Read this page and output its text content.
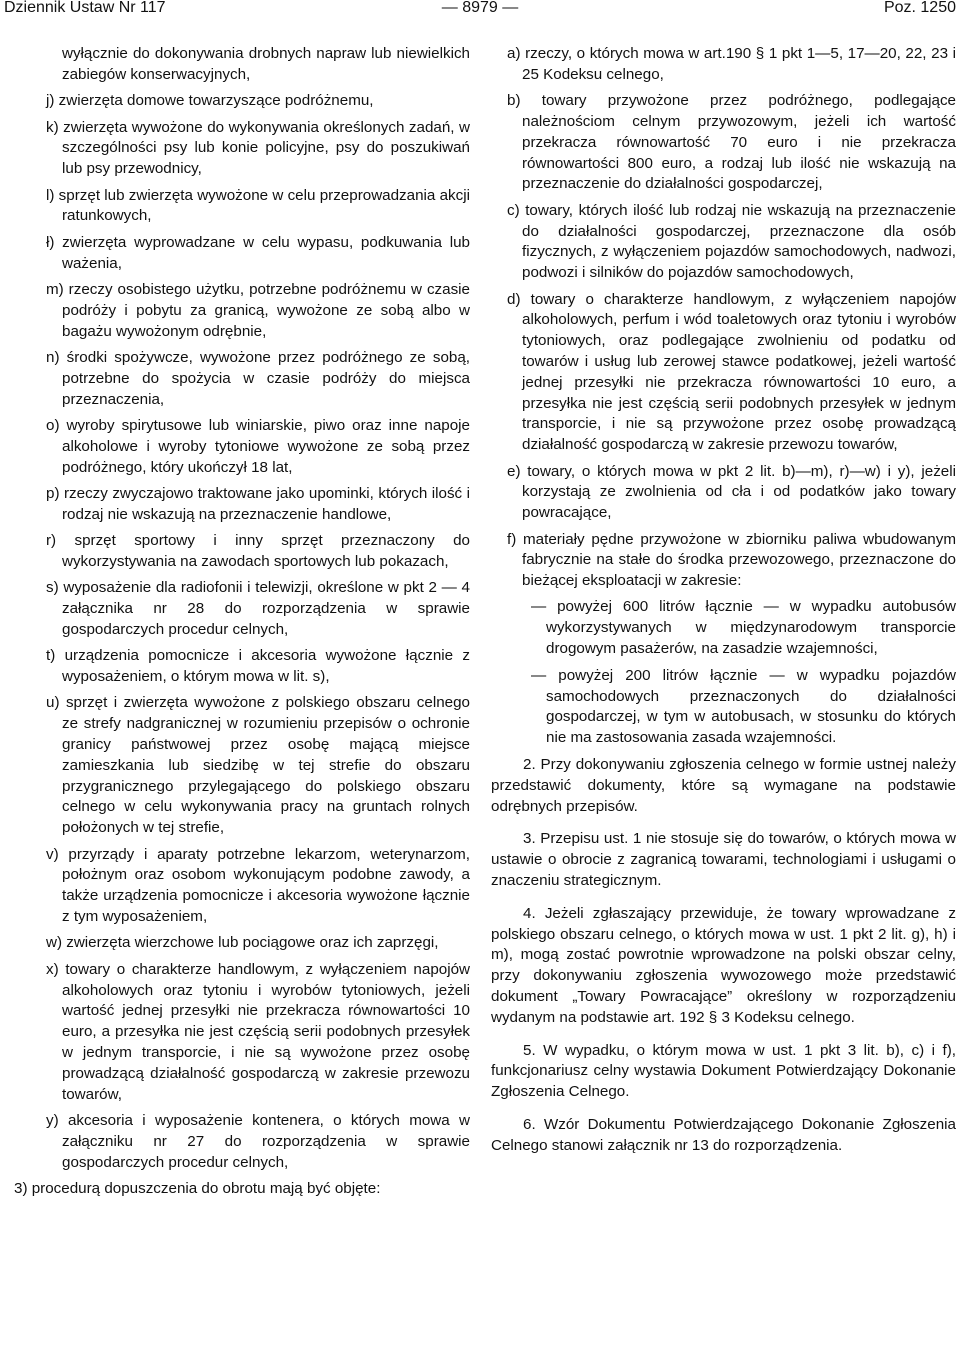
Dziennik Ustaw Nr 117	— 8979 —	Poz. 1250
wyłącznie do dokonywania drobnych napraw lub niewielkich zabiegów konserwacyjnych,
j) zwierzęta domowe towarzyszące podróżnemu,
k) zwierzęta wywożone do wykonywania określonych zadań, w szczególności psy lub konie policyjne, psy do poszukiwań lub psy przewodnicy,
l) sprzęt lub zwierzęta wywożone w celu przeprowadzania akcji ratunkowych,
ł) zwierzęta wyprowadzane w celu wypasu, podkuwania lub ważenia,
m) rzeczy osobistego użytku, potrzebne podróżnemu w czasie podróży i pobytu za granicą, wywożone ze sobą albo w bagażu wywożonym odrębnie,
n) środki spożywcze, wywożone przez podróżnego ze sobą, potrzebne do spożycia w czasie podróży do miejsca przeznaczenia,
o) wyroby spirytusowe lub winiarskie, piwo oraz inne napoje alkoholowe i wyroby tytoniowe wywożone ze sobą przez podróżnego, który ukończył 18 lat,
p) rzeczy zwyczajowo traktowane jako upominki, których ilość i rodzaj nie wskazują na przeznaczenie handlowe,
r) sprzęt sportowy i inny sprzęt przeznaczony do wykorzystywania na zawodach sportowych lub pokazach,
s) wyposażenie dla radiofonii i telewizji, określone w pkt 2 — 4 załącznika nr 28 do rozporządzenia w sprawie gospodarczych procedur celnych,
t) urządzenia pomocnicze i akcesoria wywożone łącznie z wyposażeniem, o którym mowa w lit. s),
u) sprzęt i zwierzęta wywożone z polskiego obszaru celnego ze strefy nadgranicznej w rozumieniu przepisów o ochronie granicy państwowej przez osobę mającą miejsce zamieszkania lub siedzibę w tej strefie do obszaru przygranicznego przylegającego do polskiego obszaru celnego w celu wykonywania pracy na gruntach rolnych położonych w tej strefie,
v) przyrządy i aparaty potrzebne lekarzom, weterynarzom, położnym oraz osobom wykonującym podobne zawody, a także urządzenia pomocnicze i akcesoria wywożone łącznie z tym wyposażeniem,
w) zwierzęta wierzchowe lub pociągowe oraz ich zaprzęgi,
x) towary o charakterze handlowym, z wyłączeniem napojów alkoholowych oraz tytoniu i wyrobów tytoniowych, jeżeli wartość jednej przesyłki nie przekracza równowartości 10 euro, a przesyłka nie jest częścią serii podobnych przesyłek w jednym transporcie, i nie są wywożone przez osobę prowadzącą działalność gospodarczą w zakresie przewozu towarów,
y) akcesoria i wyposażenie kontenera, o których mowa w załączniku nr 27 do rozporządzenia w sprawie gospodarczych procedur celnych,
3) procedurą dopuszczenia do obrotu mają być objęte:
a) rzeczy, o których mowa w art.190 § 1 pkt 1—5, 17—20, 22, 23 i 25 Kodeksu celnego,
b) towary przywożone przez podróżnego, podlegające należnościom celnym przywozowym, jeżeli ich wartość przekracza równowartość 70 euro i nie przekracza równowartości 800 euro, a rodzaj lub ilość nie wskazują na przeznaczenie do działalności gospodarczej,
c) towary, których ilość lub rodzaj nie wskazują na przeznaczenie do działalności gospodarczej, przeznaczone dla osób fizycznych, z wyłączeniem pojazdów samochodowych, nadwozi, podwozi i silników do pojazdów samochodowych,
d) towary o charakterze handlowym, z wyłączeniem napojów alkoholowych, perfum i wód toaletowych oraz tytoniu i wyrobów tytoniowych, oraz podlegające zwolnieniu od podatku od towarów i usług lub zerowej stawce podatkowej, jeżeli wartość jednej przesyłki nie przekracza równowartości 10 euro, a przesyłka nie jest częścią serii podobnych przesyłek w jednym transporcie, i nie są przywożone przez osobę prowadzącą działalność gospodarczą w zakresie przewozu towarów,
e) towary, o których mowa w pkt 2 lit. b)—m), r)—w) i y), jeżeli korzystają ze zwolnienia od cła i od podatków jako towary powracające,
f) materiały pędne przywożone w zbiorniku paliwa wbudowanym fabrycznie na stałe do środka przewozowego, przeznaczone do bieżącej eksploatacji w zakresie:
— powyżej 600 litrów łącznie — w wypadku autobusów wykorzystywanych w międzynarodowym transporcie drogowym pasażerów, na zasadzie wzajemności,
— powyżej 200 litrów łącznie — w wypadku pojazdów samochodowych przeznaczonych do działalności gospodarczej, w tym w autobusach, w stosunku do których nie ma zastosowania zasada wzajemności.
2. Przy dokonywaniu zgłoszenia celnego w formie ustnej należy przedstawić dokumenty, które są wymagane na podstawie odrębnych przepisów.
3. Przepisu ust. 1 nie stosuje się do towarów, o których mowa w ustawie o obrocie z zagranicą towarami, technologiami i usługami o znaczeniu strategicznym.
4. Jeżeli zgłaszający przewiduje, że towary wprowadzane z polskiego obszaru celnego, o których mowa w ust. 1 pkt 2 lit. g), h) i m), mogą zostać powrotnie wprowadzone na polski obszar celny, przy dokonywaniu zgłoszenia wywozowego może przedstawić dokument „Towary Powracające” określony w rozporządzeniu wydanym na podstawie art. 192 § 3 Kodeksu celnego.
5. W wypadku, o którym mowa w ust. 1 pkt 3 lit. b), c) i f), funkcjonariusz celny wystawia Dokument Potwierdzający Dokonanie Zgłoszenia Celnego.
6. Wzór Dokumentu Potwierdzającego Dokonanie Zgłoszenia Celnego stanowi załącznik nr 13 do rozporządzenia.
